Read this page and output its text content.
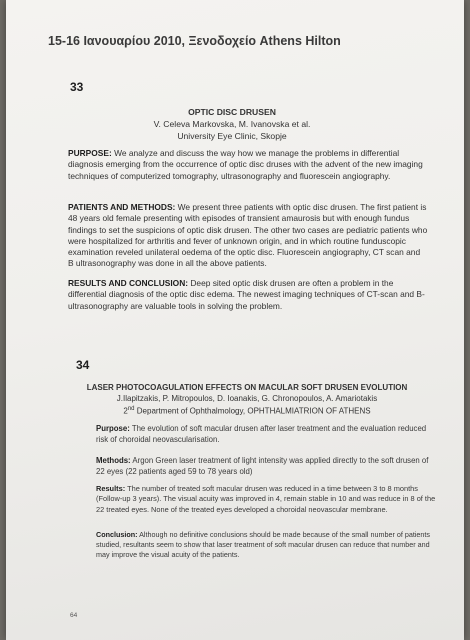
15-16 Ιανουαρίου 2010, Ξενοδοχείο Athens Hilton
33
OPTIC DISC DRUSEN
V. Celeva Markovska, M. Ivanovska et al.
University Eye Clinic, Skopje
PURPOSE: We analyze and discuss the way how we manage the problems in differential diagnosis emerging from the occurrence of optic disc druses with the advent of the new imaging techniques of computerized tomography, ultrasonography and fluorescein angiography.
PATIENTS AND METHODS: We present three patients with optic disc drusen. The first patient is 48 years old female presenting with episodes of transient amaurosis but with enough fundus findings to set the suspicions of optic disk drusen. The other two cases are pediatric patients who were hospitalized for arthritis and fever of unknown origin, and in which routine funduscopic examination reveled unilateral oedema of the optic disc. Fluorescein angiography, CT scan and B ultrasonography was done in all the above patients.
RESULTS AND CONCLUSION: Deep sited optic disk drusen are often a problem in the differential diagnosis of the optic disc edema. The newest imaging techniques of CT-scan and B-ultrasonography are valuable tools in solving the problem.
34
LASER PHOTOCOAGULATION EFFECTS ON MACULAR SOFT DRUSEN EVOLUTION
J.Ilapitzakis, P. Mitropoulos, D. Ioanakis, G. Chronopoulos, A. Amariotakis
2nd Department of Ophthalmology, OPHTHALMIATRION OF ATHENS
Purpose: The evolution of soft macular drusen after laser treatment and the evaluation reduced risk of choroidal neovascularisation.
Methods: Argon Green laser treatment of light intensity was applied directly to the soft drusen of 22 eyes (22 patients aged 59 to 78 years old)
Results: The number of treated soft macular drusen was reduced in a time between 3 to 8 months (Follow-up 3 years). The visual acuity was improved in 4, remain stable in 10 and was reduce in 8 of the 22 treated eyes. None of the treated eyes developed a choroidal neovascular membrane.
Conclusion: Although no definitive conclusions should be made because of the small number of patients studied, resultants seem to show that laser treatment of soft macular drusen can reduce that number and may improve the visual acuity of the patients.
64
